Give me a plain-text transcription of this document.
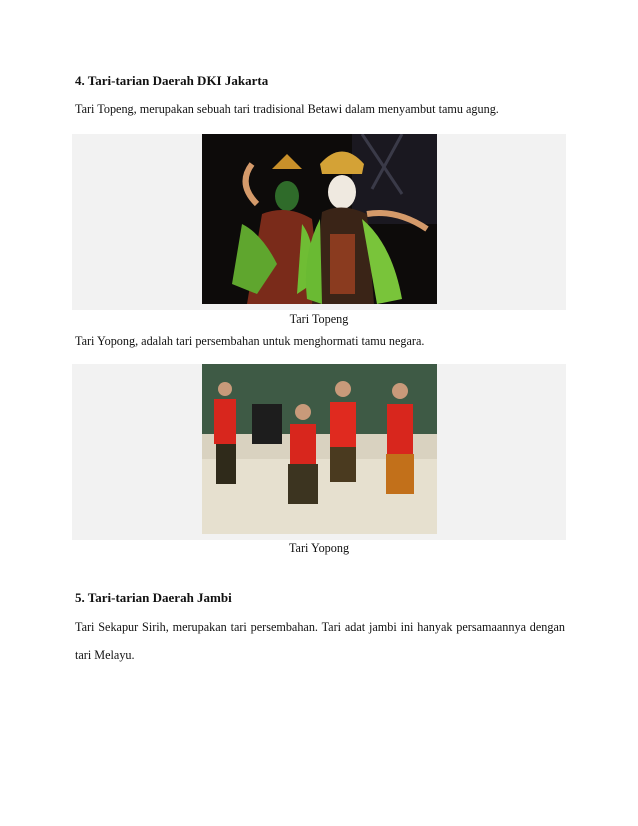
4. Tari-tarian Daerah DKI Jakarta
Tari Topeng, merupakan sebuah tari tradisional Betawi dalam menyambut tamu agung.
Tari Topeng
Tari Yopong, adalah tari persembahan untuk menghormati tamu negara.
Tari Yopong
5. Tari-tarian Daerah Jambi
Tari Sekapur Sirih, merupakan tari persembahan. Tari adat jambi ini hanyak persamaannya dengan tari Melayu.
